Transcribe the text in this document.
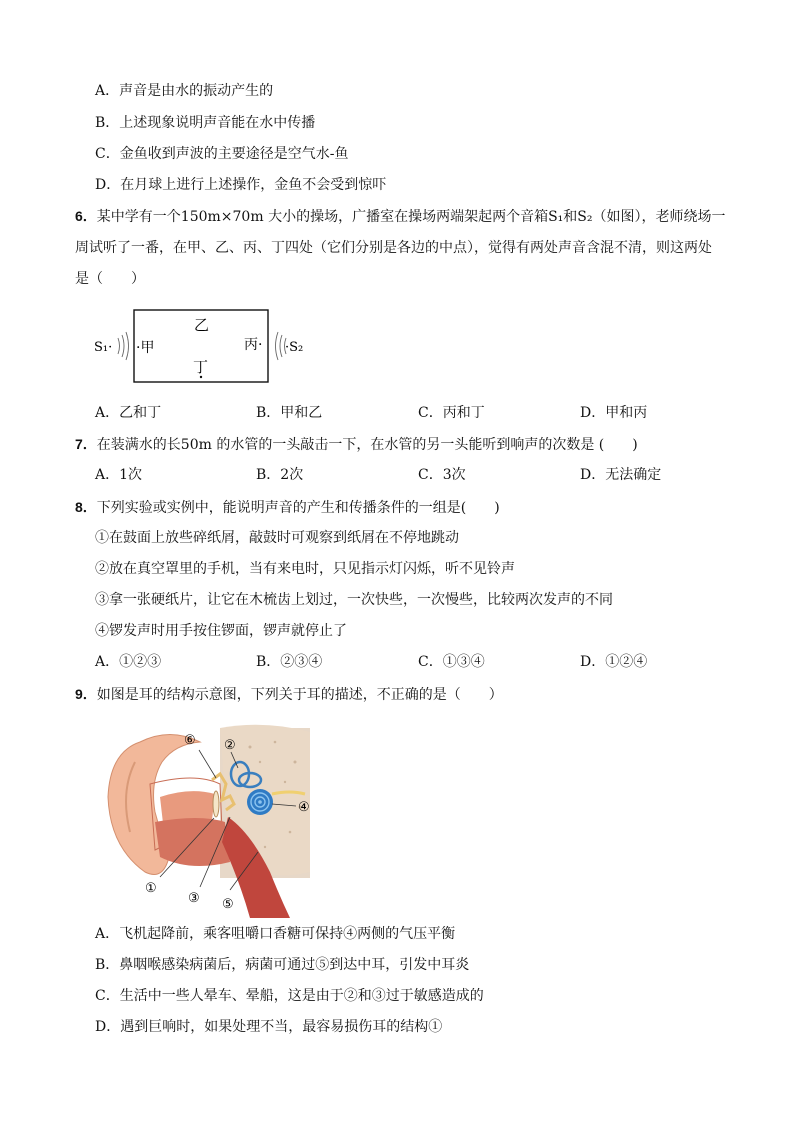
A．声音是由水的振动产生的
B．上述现象说明声音能在水中传播
C．金鱼收到声波的主要途径是空气水-鱼
D．在月球上进行上述操作，金鱼不会受到惊吓
6．某中学有一个150m×70m 大小的操场，广播室在操场两端架起两个音箱S₁和S₂（如图），老师绕场一
周试听了一番，在甲、乙、丙、丁四处（它们分别是各边的中点），觉得有两处声音含混不清，则这两处
是（　　）
S₁·	·S₂
·甲
乙
丙·
丁
A．乙和丁	B．甲和乙	C．丙和丁	D．甲和丙
7．在装满水的长50m 的水管的一头敲击一下，在水管的另一头能听到响声的次数是 (　　)
A．1次	B．2次	C．3次	D．无法确定
8．下列实验或实例中，能说明声音的产生和传播条件的一组是(　　)
①在鼓面上放些碎纸屑，敲鼓时可观察到纸屑在不停地跳动
②放在真空罩里的手机，当有来电时，只见指示灯闪烁，听不见铃声
③拿一张硬纸片，让它在木梳齿上划过，一次快些，一次慢些，比较两次发声的不同
④锣发声时用手按住锣面，锣声就停止了
A．①②③	B．②③④	C．①③④	D．①②④
9．如图是耳的结构示意图，下列关于耳的描述，不正确的是（　　）
⑥ ②
④
①
③ ⑤
A．飞机起降前，乘客咀嚼口香糖可保持④两侧的气压平衡
B．鼻咽喉感染病菌后，病菌可通过⑤到达中耳，引发中耳炎
C．生活中一些人晕车、晕船，这是由于②和③过于敏感造成的
D．遇到巨响时，如果处理不当，最容易损伤耳的结构①
